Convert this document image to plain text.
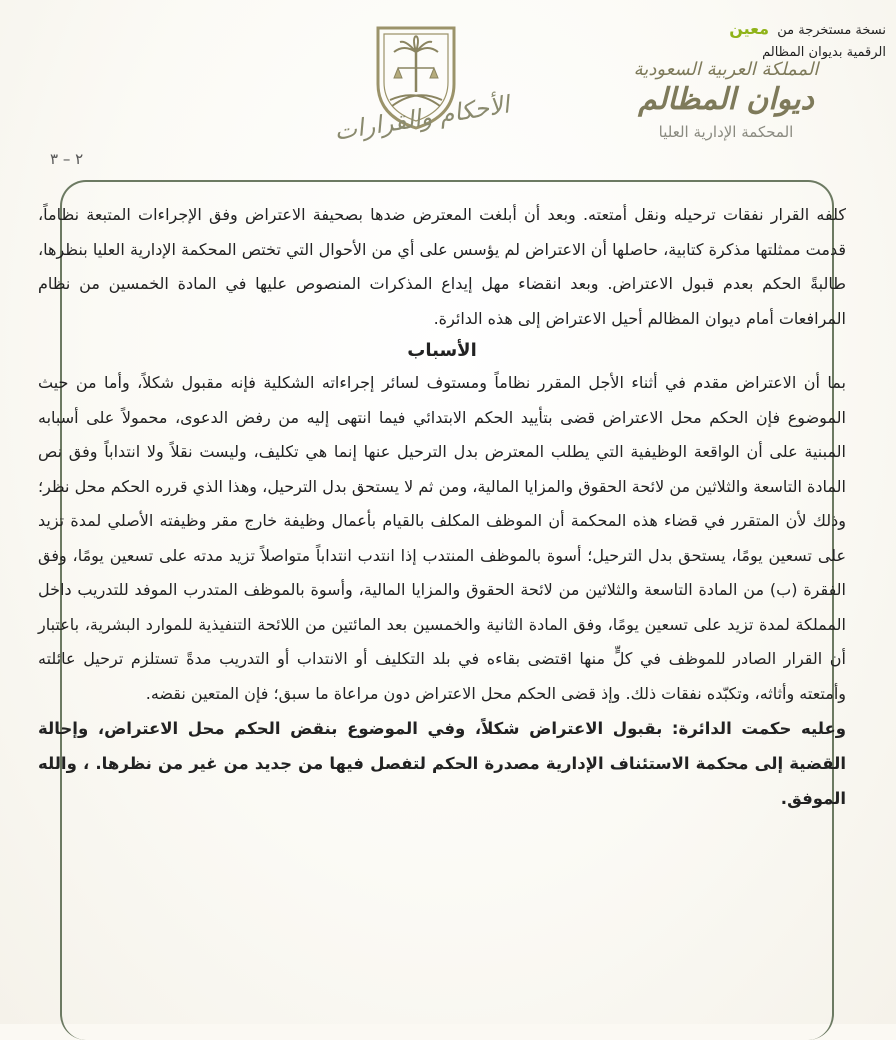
نسخة مستخرجة من معين
الرقمية بديوان المظالم
٢ – ٣
الأحكام والقرارات
المملكة العربية السعودية
ديوان المظالم
المحكمة الإدارية العليا

كلفه القرار نفقات ترحيله ونقل أمتعته. وبعد أن أبلغت المعترض ضدها بصحيفة الاعتراض وفق الإجراءات المتبعة نظاماً، قدمت ممثلتها مذكرة كتابية، حاصلها أن الاعتراض لم يؤسس على أي من الأحوال التي تختص المحكمة الإدارية العليا بنظرها، طالبةً الحكم بعدم قبول الاعتراض. وبعد انقضاء مهل إيداع المذكرات المنصوص عليها في المادة الخمسين من نظام المرافعات أمام ديوان المظالم أحيل الاعتراض إلى هذه الدائرة.

الأسباب

بما أن الاعتراض مقدم في أثناء الأجل المقرر نظاماً ومستوف لسائر إجراءاته الشكلية فإنه مقبول شكلاً، وأما من حيث الموضوع فإن الحكم محل الاعتراض قضى بتأييد الحكم الابتدائي فيما انتهى إليه من رفض الدعوى، محمولاً على أسبابه المبنية على أن الواقعة الوظيفية التي يطلب المعترض بدل الترحيل عنها إنما هي تكليف، وليست نقلاً ولا انتداباً وفق نص المادة التاسعة والثلاثين من لائحة الحقوق والمزايا المالية، ومن ثم لا يستحق بدل الترحيل، وهذا الذي قرره الحكم محل نظر؛ وذلك لأن المتقرر في قضاء هذه المحكمة أن الموظف المكلف بالقيام بأعمال وظيفة خارج مقر وظيفته الأصلي لمدة تزيد على تسعين يومًا، يستحق بدل الترحيل؛ أسوة بالموظف المنتدب إذا انتدب انتداباً متواصلاً تزيد مدته على تسعين يومًا، وفق الفقرة (ب) من المادة التاسعة والثلاثين من لائحة الحقوق والمزايا المالية، وأسوة بالموظف المتدرب الموفد للتدريب داخل المملكة لمدة تزيد على تسعين يومًا، وفق المادة الثانية والخمسين بعد المائتين من اللائحة التنفيذية للموارد البشرية، باعتبار أن القرار الصادر للموظف في كلٍّ منها اقتضى بقاءه في بلد التكليف أو الانتداب أو التدريب مدةً تستلزم ترحيل عائلته وأمتعته وأثاثه، وتكبّده نفقات ذلك. وإذ قضى الحكم محل الاعتراض دون مراعاة ما سبق؛ فإن المتعين نقضه.

وعليه حكمت الدائرة: بقبول الاعتراض شكلاً، وفي الموضوع بنقض الحكم محل الاعتراض، وإحالة القضية إلى محكمة الاستئناف الإدارية مصدرة الحكم لتفصل فيها من جديد من غير من نظرها. ، والله الموفق.
